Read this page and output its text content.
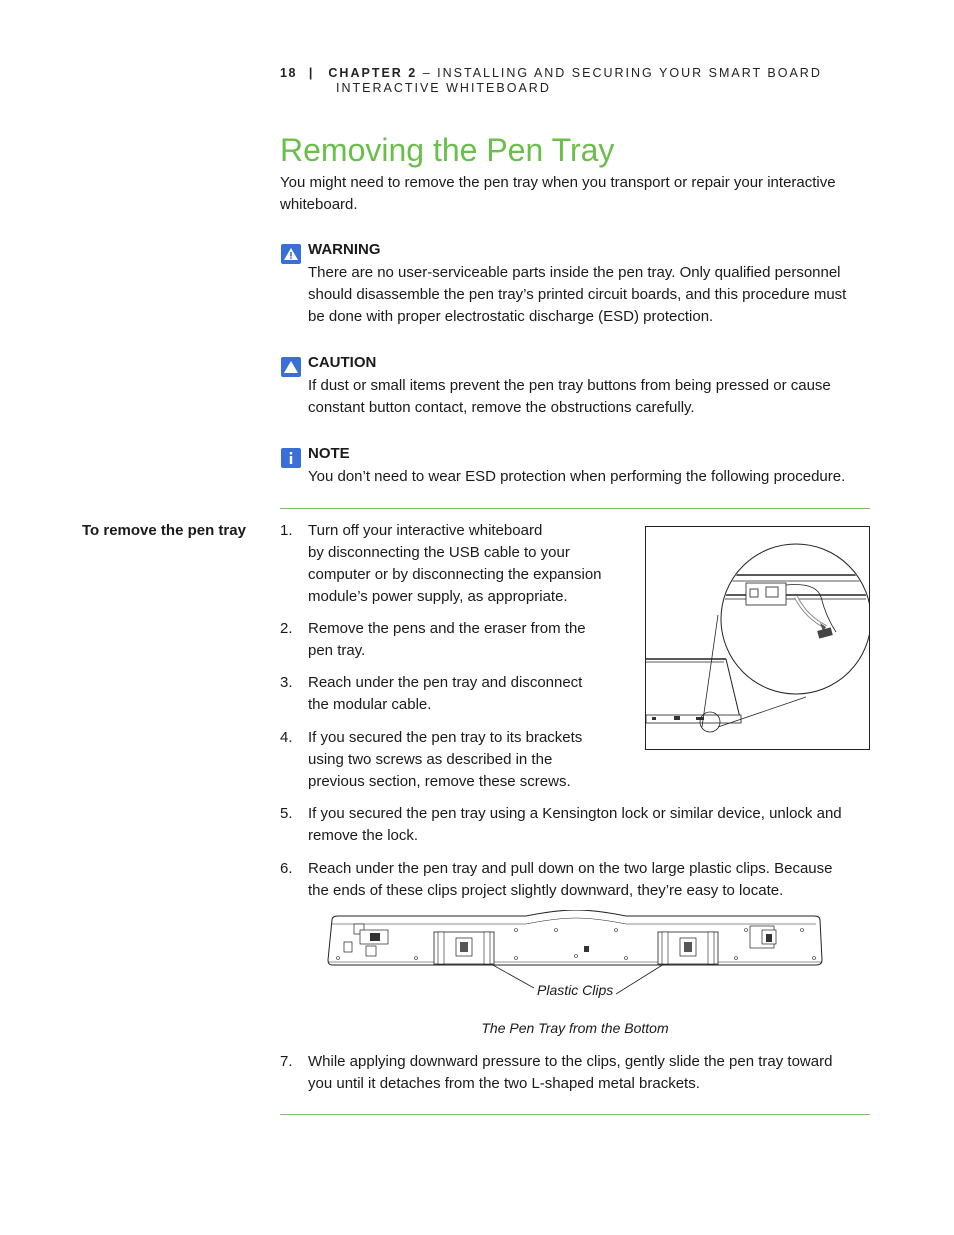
18 | CHAPTER 2 – INSTALLING AND SECURING YOUR SMART BOARD
INTERACTIVE WHITEBOARD
Removing the Pen Tray
You might need to remove the pen tray when you transport or repair your interactive
whiteboard.
WARNING
There are no user-serviceable parts inside the pen tray. Only qualified personnel
should disassemble the pen tray’s printed circuit boards, and this procedure must
be done with proper electrostatic discharge (ESD) protection.
CAUTION
If dust or small items prevent the pen tray buttons from being pressed or cause
constant button contact, remove the obstructions carefully.
NOTE
You don’t need to wear ESD protection when performing the following procedure.
To remove the pen tray 1. Turn off your interactive whiteboard
by disconnecting the USB cable to your
computer or by disconnecting the expansion
module’s power supply, as appropriate.
2. Remove the pens and the eraser from the
pen tray.
3. Reach under the pen tray and disconnect
the modular cable.
4. If you secured the pen tray to its brackets
using two screws as described in the
previous section, remove these screws.
5. If you secured the pen tray using a Kensington lock or similar device, unlock and
remove the lock.
6. Reach under the pen tray and pull down on the two large plastic clips. Because
the ends of these clips project slightly downward, they’re easy to locate.
Plastic Clips
The Pen Tray from the Bottom
7. While applying downward pressure to the clips, gently slide the pen tray toward
you until it detaches from the two L-shaped metal brackets.
